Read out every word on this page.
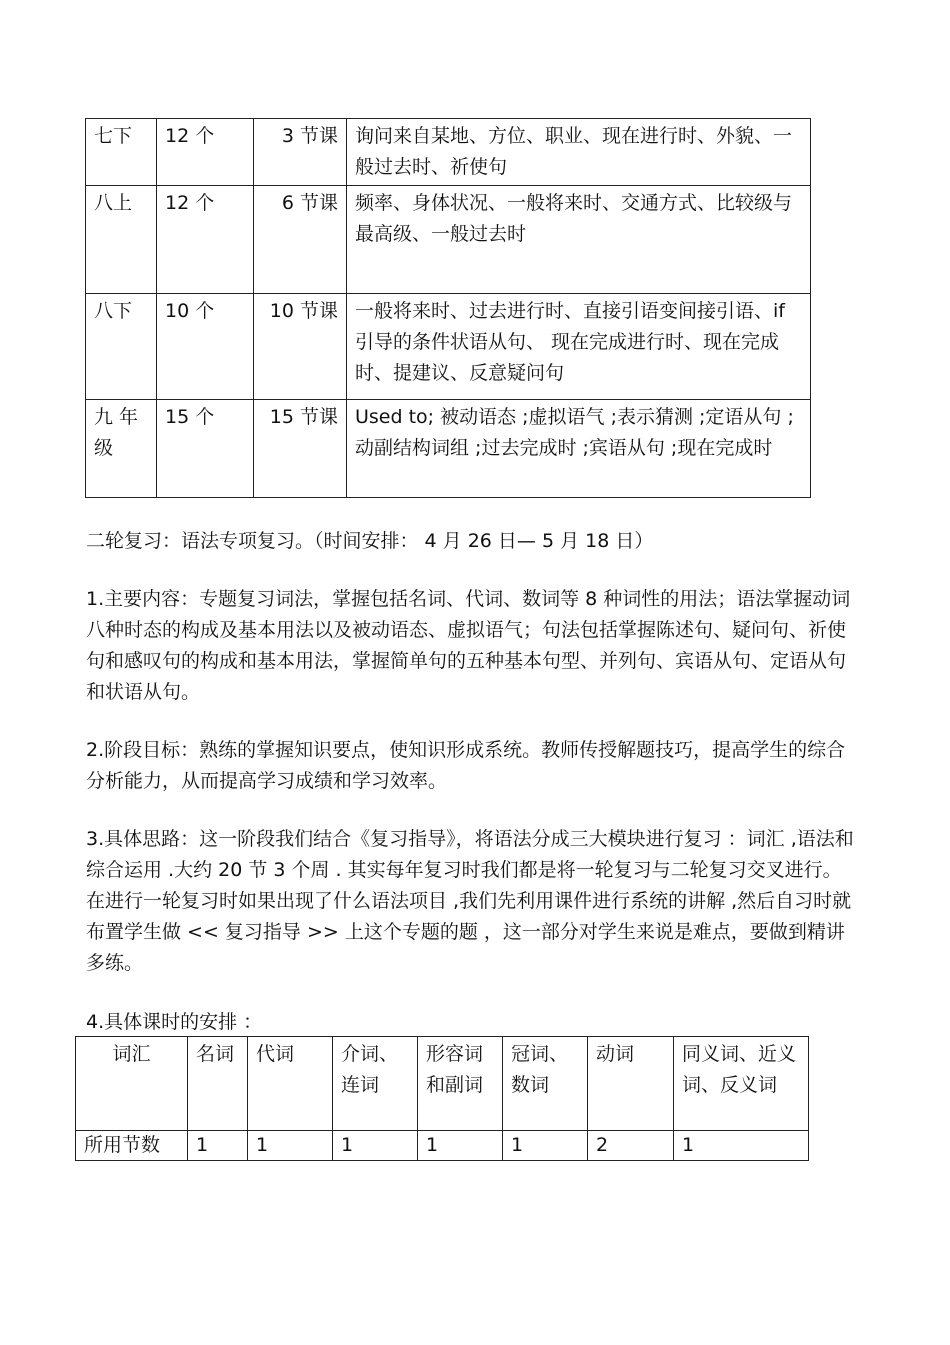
七下	12 个	3 节课	询问来自某地、方位、职业、现在进行时、外貌、一般过去时、祈使句
八上	12 个	6 节课	频率、身体状况、一般将来时、交通方式、比较级与最高级、一般过去时
八下	10 个	10 节课	一般将来时、过去进行时、直接引语变间接引语、if 引导的条件状语从句、 现在完成进行时、现在完成时、提建议、反意疑问句
九 年级	15 个	15 节课	Used to; 被动语态 ;虚拟语气 ;表示猜测 ;定语从句 ;动副结构词组 ;过去完成时 ;宾语从句 ;现在完成时

二轮复习：语法专项复习。（时间安排： 4 月 26 日— 5 月 18 日）

1.主要内容：专题复习词法，掌握包括名词、代词、数词等 8 种词性的用法；语法掌握动词八种时态的构成及基本用法以及被动语态、虚拟语气；句法包括掌握陈述句、疑问句、祈使句和感叹句的构成和基本用法，掌握简单句的五种基本句型、并列句、宾语从句、定语从句和状语从句。

2.阶段目标：熟练的掌握知识要点，使知识形成系统。教师传授解题技巧，提高学生的综合分析能力，从而提高学习成绩和学习效率。

3.具体思路：这一阶段我们结合《复习指导》，将语法分成三大模块进行复习 ：词汇 ,语法和综合运用 .大约 20 节 3 个周 . 其实每年复习时我们都是将一轮复习与二轮复习交叉进行。 在进行一轮复习时如果出现了什么语法项目 ,我们先利用课件进行系统的讲解 ,然后自习时就布置学生做 << 复习指导 >> 上这个专题的题 ，这一部分对学生来说是难点，要做到精讲多练。

4.具体课时的安排 ：

词汇	名词	代词	介词、连词	形容词和副词	冠词、数词	动词	同义词、近义词、反义词
所用节数	1	1	1	1	1	2	1
